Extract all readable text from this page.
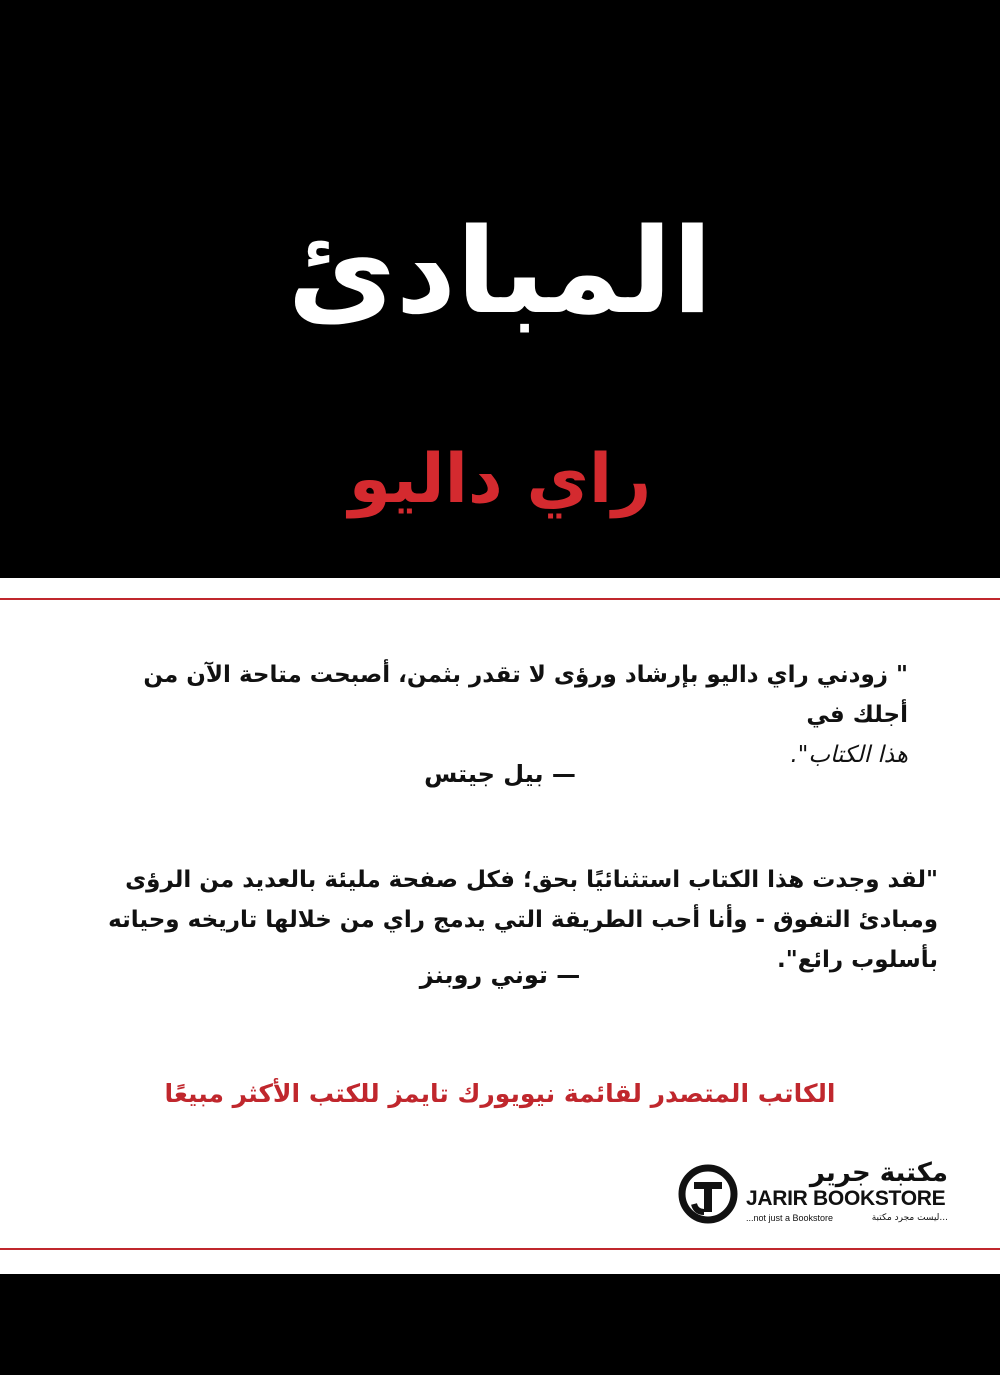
المبادئ
راي داليو
" زودني راي داليو بإرشاد ورؤى لا تقدر بثمن، أصبحت متاحة الآن من أجلك في
هذا الكتاب".
— بيل جيتس
"لقد وجدت هذا الكتاب استثنائيًا بحق؛ فكل صفحة مليئة بالعديد من الرؤى ومبادئ التفوق - وأنا أحب الطريقة التي يدمج راي من خلالها تاريخه وحياته بأسلوب رائع".
— توني روبنز
الكاتب المتصدر لقائمة نيويورك تايمز للكتب الأكثر مبيعًا
مكتبة جرير
JARIR BOOKSTORE
...not just a Bookstore	...ليست مجرد مكتبة
